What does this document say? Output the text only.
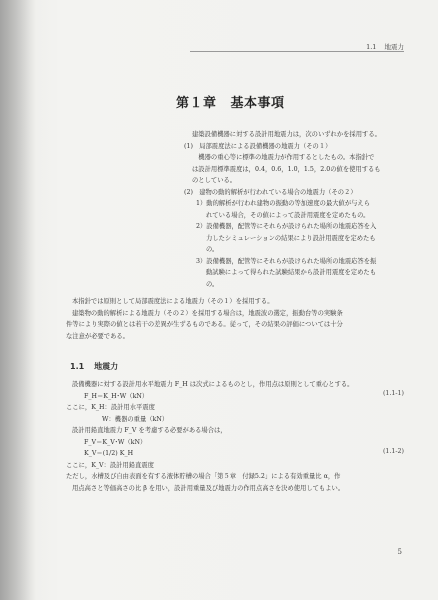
1.1 地震力
第１章 基本事項
建築設備機器に対する設計用地震力は，次のいずれかを採用する。
(1)　局部震度法による設備機器の地震力（その１）
　機器の重心等に標準の地震力が作用するとしたもの。本指針で
は設計用標準震度は，0.4，0.6，1.0，1.5，2.0の値を使用するも
のとしている。
(2)　建物の動的解析が行われている場合の地震力（その２）
1）動的解析が行われ建物の振動の等加速度の最大値が与えら
れている場合，その値によって設計用震度を定めたもの。
2）設備機器，配管等にそれらが設けられた場所の地震応答を入
力したシミュレーションの結果により設計用震度を定めたも
の。
3）設備機器，配管等にそれらが設けられた場所の地震応答を振
動試験によって得られた試験結果から設計用震度を定めたも
の。
本指針では原則として局部震度法による地震力（その１）を採用する。
建築物の動的解析による地震力（その２）を採用する場合は，地震波の選定，振動台等の実験条
件等により実際の値とは若干の差異が生ずるものである。従って，その結果の評価については十分
な注意が必要である。
1.1 地震力
設備機器に対する設計用水平地震力 F_H は次式によるものとし，作用点は原則として重心とする。
F_H＝K_H･W（kN）
ここに，K_H：設計用水平震度
W：機器の重量（kN）
設計用鉛直地震力 F_V を考慮する必要がある場合は，
F_V＝K_V･W（kN）
K_V＝(1/2) K_H
ここに，K_V：設計用鉛直震度
ただし，水槽及び自由表面を有する液体貯槽の場合「第５章　付録5.2」による有効重量比 α，作
用点高さと等価高さの比 β を用い，設計用重量及び地震力の作用点高さを決め使用してもよい。
(1.1-1)
(1.1-2)
5
